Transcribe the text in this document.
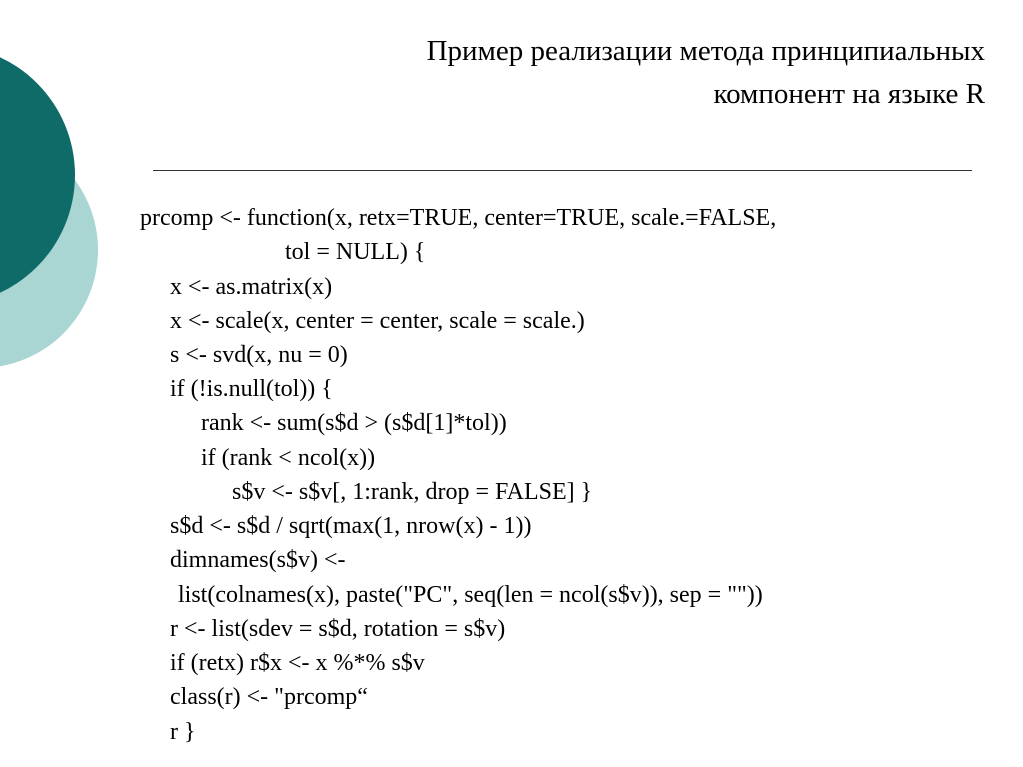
Пример реализации метода принципиальных
компонент на языке R
prcomp <- function(x, retx=TRUE, center=TRUE, scale.=FALSE,
tol = NULL) {
x <- as.matrix(x)
x <- scale(x, center = center, scale = scale.)
s <- svd(x, nu = 0)
if (!is.null(tol)) {
rank <- sum(s$d > (s$d[1]*tol))
if (rank < ncol(x))
s$v <- s$v[, 1:rank, drop = FALSE] }
s$d <- s$d / sqrt(max(1, nrow(x) - 1))
dimnames(s$v) <-
list(colnames(x), paste("PC", seq(len = ncol(s$v)), sep = ""))
r <- list(sdev = s$d, rotation = s$v)
if (retx) r$x <- x %*% s$v
class(r) <- "prcomp“
r }
